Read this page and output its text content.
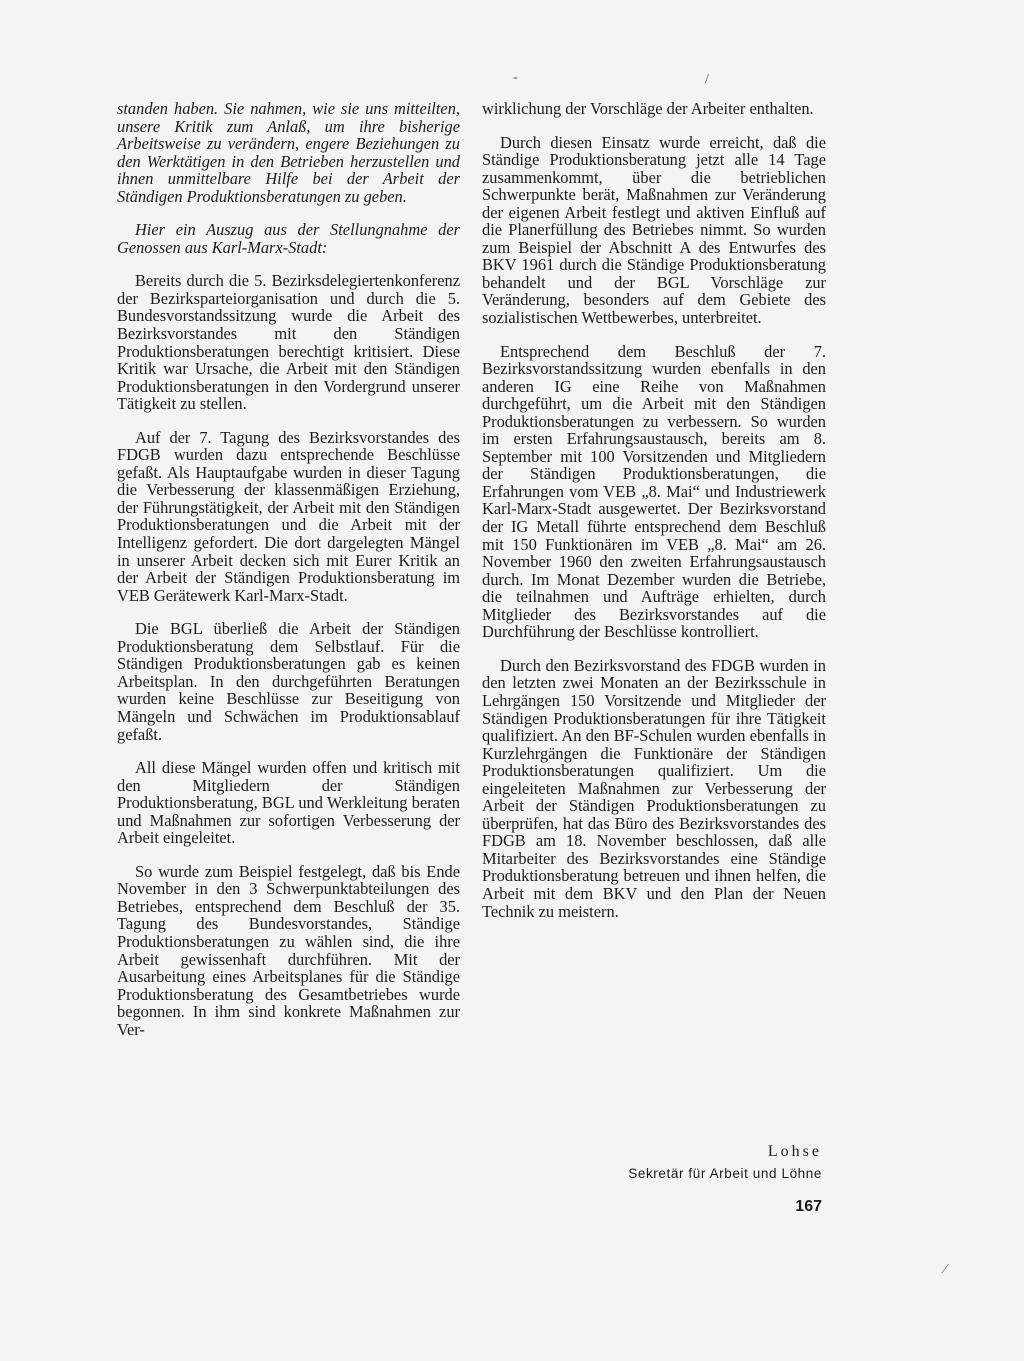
-	/

standen haben. Sie nahmen, wie sie uns mitteilten, unsere Kritik zum Anlaß, um ihre bisherige Arbeitsweise zu verändern, engere Beziehungen zu den Werktätigen in den Betrieben herzustellen und ihnen unmittelbare Hilfe bei der Arbeit der Ständigen Produktionsberatungen zu geben.

Hier ein Auszug aus der Stellungnahme der Genossen aus Karl-Marx-Stadt:

Bereits durch die 5. Bezirksdelegiertenkonferenz der Bezirksparteiorganisation und durch die 5. Bundesvorstandssitzung wurde die Arbeit des Bezirksvorstandes mit den Ständigen Produktionsberatungen berechtigt kritisiert. Diese Kritik war Ursache, die Arbeit mit den Ständigen Produktionsberatungen in den Vordergrund unserer Tätigkeit zu stellen.

Auf der 7. Tagung des Bezirksvorstandes des FDGB wurden dazu entsprechende Beschlüsse gefaßt. Als Hauptaufgabe wurden in dieser Tagung die Verbesserung der klassenmäßigen Erziehung, der Führungstätigkeit, der Arbeit mit den Ständigen Produktionsberatungen und die Arbeit mit der Intelligenz gefordert. Die dort dargelegten Mängel in unserer Arbeit decken sich mit Eurer Kritik an der Arbeit der Ständigen Produktionsberatung im VEB Gerätewerk Karl-Marx-Stadt.

Die BGL überließ die Arbeit der Ständigen Produktionsberatung dem Selbstlauf. Für die Ständigen Produktionsberatungen gab es keinen Arbeitsplan. In den durchgeführten Beratungen wurden keine Beschlüsse zur Beseitigung von Mängeln und Schwächen im Produktionsablauf gefaßt.

All diese Mängel wurden offen und kritisch mit den Mitgliedern der Ständigen Produktionsberatung, BGL und Werkleitung beraten und Maßnahmen zur sofortigen Verbesserung der Arbeit eingeleitet.

So wurde zum Beispiel festgelegt, daß bis Ende November in den 3 Schwerpunktabteilungen des Betriebes, entsprechend dem Beschluß der 35. Tagung des Bundesvorstandes, Ständige Produktionsberatungen zu wählen sind, die ihre Arbeit gewissenhaft durchführen. Mit der Ausarbeitung eines Arbeitsplanes für die Ständige Produktionsberatung des Gesamtbetriebes wurde begonnen. In ihm sind konkrete Maßnahmen zur Ver-

wirklichung der Vorschläge der Arbeiter enthalten.

Durch diesen Einsatz wurde erreicht, daß die Ständige Produktionsberatung jetzt alle 14 Tage zusammenkommt, über die betrieblichen Schwerpunkte berät, Maßnahmen zur Veränderung der eigenen Arbeit festlegt und aktiven Einfluß auf die Planerfüllung des Betriebes nimmt. So wurden zum Beispiel der Abschnitt A des Entwurfes des BKV 1961 durch die Ständige Produktionsberatung behandelt und der BGL Vorschläge zur Veränderung, besonders auf dem Gebiete des sozialistischen Wettbewerbes, unterbreitet.

Entsprechend dem Beschluß der 7. Bezirksvorstandssitzung wurden ebenfalls in den anderen IG eine Reihe von Maßnahmen durchgeführt, um die Arbeit mit den Ständigen Produktionsberatungen zu verbessern. So wurden im ersten Erfahrungsaustausch, bereits am 8. September mit 100 Vorsitzenden und Mitgliedern der Ständigen Produktionsberatungen, die Erfahrungen vom VEB „8. Mai“ und Industriewerk Karl-Marx-Stadt ausgewertet. Der Bezirksvorstand der IG Metall führte entsprechend dem Beschluß mit 150 Funktionären im VEB „8. Mai“ am 26. November 1960 den zweiten Erfahrungsaustausch durch. Im Monat Dezember wurden die Betriebe, die teilnahmen und Aufträge erhielten, durch Mitglieder des Bezirksvorstandes auf die Durchführung der Beschlüsse kontrolliert.

Durch den Bezirksvorstand des FDGB wurden in den letzten zwei Monaten an der Bezirksschule in Lehrgängen 150 Vorsitzende und Mitglieder der Ständigen Produktionsberatungen für ihre Tätigkeit qualifiziert. An den BF-Schulen wurden ebenfalls in Kurzlehrgängen die Funktionäre der Ständigen Produktionsberatungen qualifiziert. Um die eingeleiteten Maßnahmen zur Verbesserung der Arbeit der Ständigen Produktionsberatungen zu überprüfen, hat das Büro des Bezirksvorstandes des FDGB am 18. November beschlossen, daß alle Mitarbeiter des Bezirksvorstandes eine Ständige Produktionsberatung betreuen und ihnen helfen, die Arbeit mit dem BKV und den Plan der Neuen Technik zu meistern.

Lohse
Sekretär für Arbeit und Löhne
167
⁄
